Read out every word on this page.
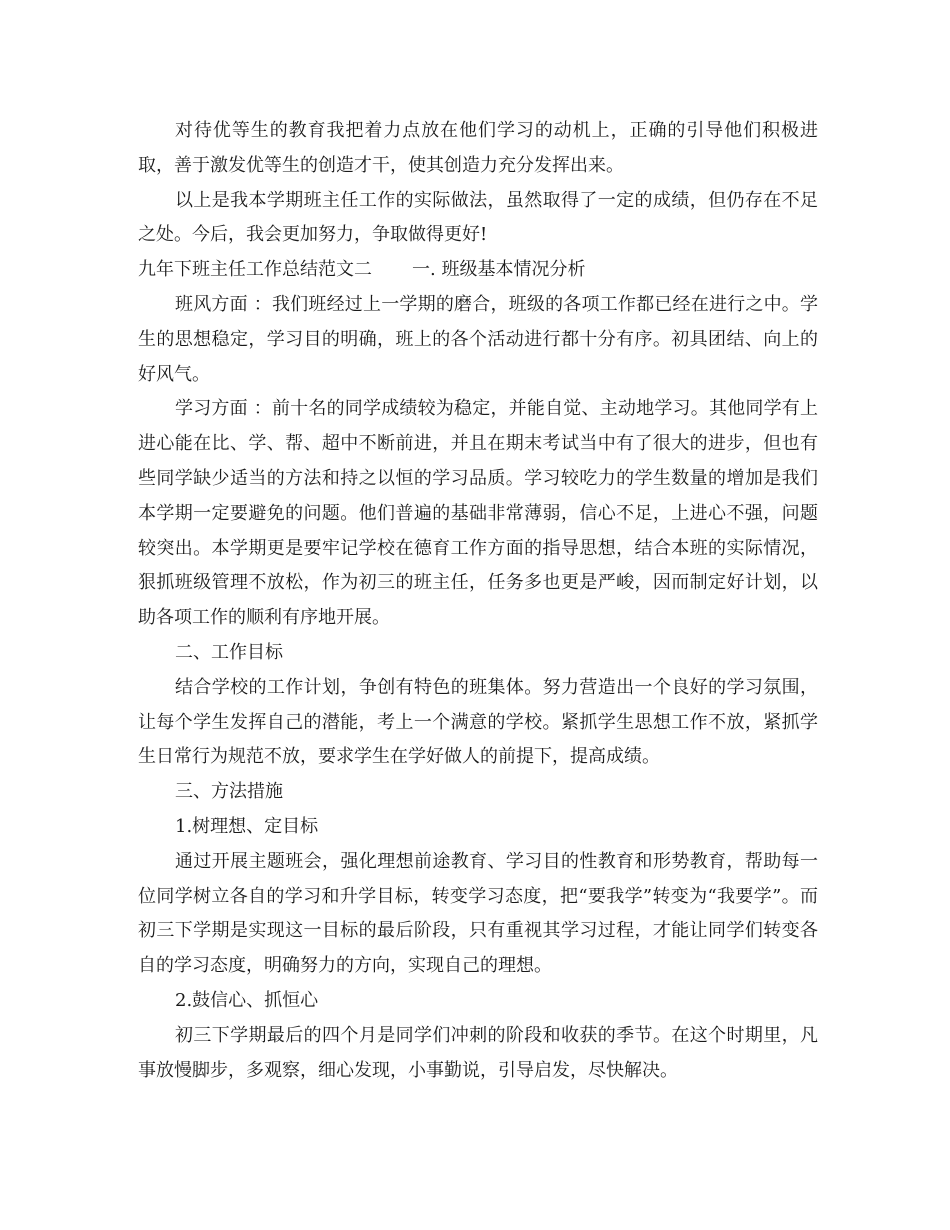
对待优等生的教育我把着力点放在他们学习的动机上，正确的引导他们积极进取，善于激发优等生的创造才干，使其创造力充分发挥出来。

以上是我本学期班主任工作的实际做法，虽然取得了一定的成绩，但仍存在不足之处。今后，我会更加努力，争取做得更好!

九年下班主任工作总结范文二 一. 班级基本情况分析

班风方面 ：我们班经过上一学期的磨合，班级的各项工作都已经在进行之中。学生的思想稳定，学习目的明确，班上的各个活动进行都十分有序。初具团结、向上的好风气。

学习方面 ：前十名的同学成绩较为稳定，并能自觉、主动地学习。其他同学有上进心能在比、学、帮、超中不断前进，并且在期末考试当中有了很大的进步，但也有些同学缺少适当的方法和持之以恒的学习品质。学习较吃力的学生数量的增加是我们本学期一定要避免的问题。他们普遍的基础非常薄弱，信心不足，上进心不强，问题较突出。本学期更是要牢记学校在德育工作方面的指导思想，结合本班的实际情况，狠抓班级管理不放松，作为初三的班主任，任务多也更是严峻，因而制定好计划，以助各项工作的顺利有序地开展。

二、工作目标

结合学校的工作计划，争创有特色的班集体。努力营造出一个良好的学习氛围，让每个学生发挥自己的潜能，考上一个满意的学校。紧抓学生思想工作不放，紧抓学生日常行为规范不放，要求学生在学好做人的前提下，提高成绩。

三、方法措施

1.树理想、定目标

通过开展主题班会，强化理想前途教育、学习目的性教育和形势教育，帮助每一位同学树立各自的学习和升学目标，转变学习态度，把“要我学”转变为“我要学”。而初三下学期是实现这一目标的最后阶段，只有重视其学习过程，才能让同学们转变各自的学习态度，明确努力的方向，实现自己的理想。

2.鼓信心、抓恒心

初三下学期最后的四个月是同学们冲刺的阶段和收获的季节。在这个时期里，凡事放慢脚步，多观察，细心发现，小事勤说，引导启发，尽快解决。
